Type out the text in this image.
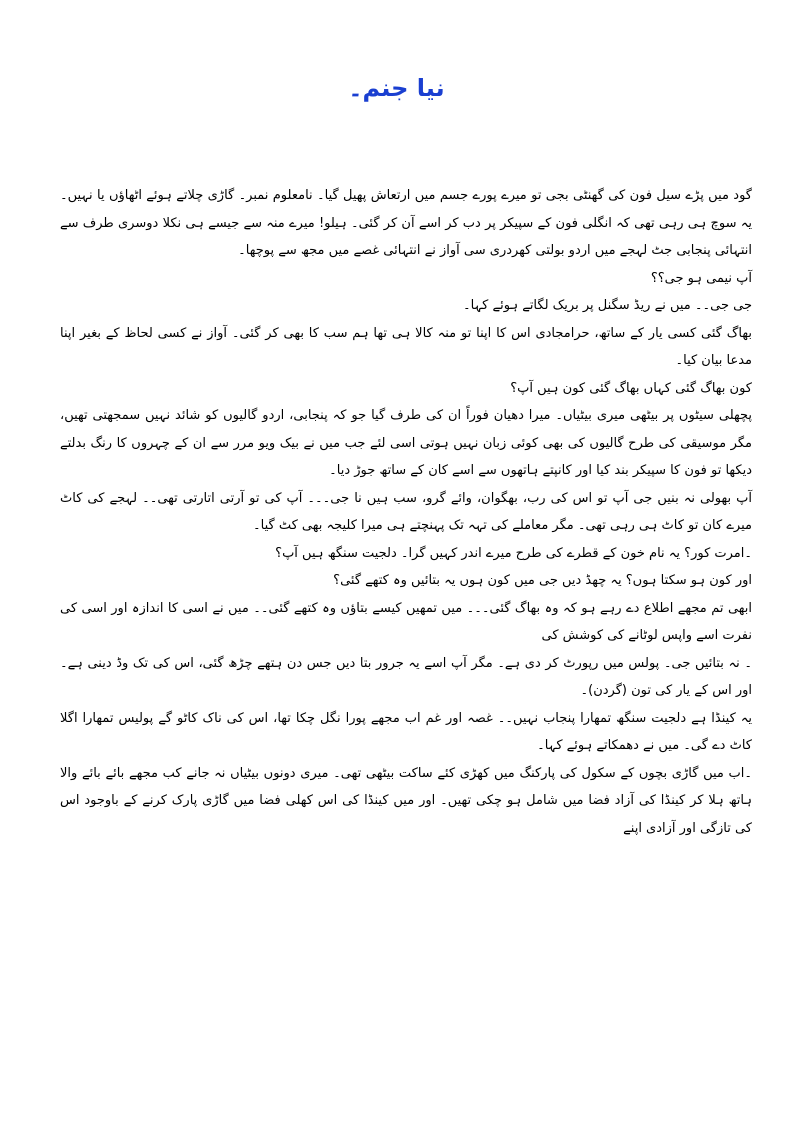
نیا جنم۔

گود میں پڑے سیل فون کی گھنٹی بجی تو میرے پورے جسم میں ارتعاش پھیل گیا۔ نامعلوم نمبر۔ گاڑی چلاتے ہوئے اٹھاؤں یا نہیں۔ یہ سوچ ہی رہی تھی کہ انگلی فون کے سپیکر پر دب کر اسے آن کر گئی۔ ہیلو! میرے منہ سے جیسے ہی نکلا دوسری طرف سے انتہائی پنجابی جٹ لہجے میں اردو بولتی کھردری سی آواز نے انتہائی غصے میں مجھ سے پوچھا۔

آپ نیمی ہو جی؟؟

جی جی۔۔ میں نے ریڈ سگنل پر بریک لگاتے ہوئے کہا۔

بھاگ گئی کسی یار کے ساتھ، حرامجادی اس کا اپنا تو منہ کالا ہی تھا ہم سب کا بھی کر گئی۔ آواز نے کسی لحاظ کے بغیر اپنا مدعا بیان کیا۔

کون بھاگ گئی کہاں بھاگ گئی کون ہیں آپ؟

پچھلی سیٹوں پر بیٹھی میری بیٹیاں۔ میرا دھیان فوراً ان کی طرف گیا جو کہ پنجابی، اردو گالیوں کو شائد نہیں سمجھتی تھیں، مگر موسیقی کی طرح گالیوں کی بھی کوئی زبان نہیں ہوتی اسی لئے جب میں نے بیک ویو مرر سے ان کے چہروں کا رنگ بدلتے دیکھا تو فون کا سپیکر بند کیا اور کانپتے ہاتھوں سے اسے کان کے ساتھ جوڑ دیا۔

آپ بھولی نہ بنیں جی آپ تو اس کی رب، بھگوان، وائے گرو، سب ہیں نا جی۔۔۔ آپ کی تو آرتی اتارتی تھی۔۔ لہجے کی کاٹ میرے کان تو کاٹ ہی رہی تھی۔ مگر معاملے کی تہہ تک پہنچتے ہی میرا کلیجہ بھی کٹ گیا۔

۔امرت کور؟ یہ نام خون کے قطرے کی طرح میرے اندر کہیں گرا۔ دلجیت سنگھ ہیں آپ؟

اور کون ہو سکتا ہوں؟ یہ چھڈ دیں جی میں کون ہوں یہ بتائیں وہ کتھے گئی؟

ابھی تم مجھے اطلاع دے رہے ہو کہ وہ بھاگ گئی۔۔۔ میں تمھیں کیسے بتاؤں وہ کتھے گئی۔۔ میں نے اسی کا اندازہ اور اسی کی نفرت اسے واپس لوٹانے کی کوشش کی

۔ نہ بتائیں جی۔ پولس میں رپورٹ کر دی ہے۔ مگر آپ اسے یہ جرور بتا دیں جس دن ہتھے چڑھ گئی، اس کی تک وڈ دینی ہے۔ اور اس کے یار کی تون (گردن)۔

یہ کینڈا ہے دلجیت سنگھ تمھارا پنجاب نہیں۔۔ غصہ اور غم اب مجھے پورا نگل چکا تھا، اس کی ناک کاٹو گے پولیس تمھارا اگلا کاٹ دے گی۔ میں نے دھمکاتے ہوئے کہا۔

۔اب میں گاڑی بچوں کے سکول کی پارکنگ میں کھڑی کئے ساکت بیٹھی تھی۔ میری دونوں بیٹیاں نہ جانے کب مجھے بائے بائے والا ہاتھ ہلا کر کینڈا کی آزاد فضا میں شامل ہو چکی تھیں۔ اور میں کینڈا کی اس کھلی فضا میں گاڑی پارک کرنے کے باوجود اس کی تازگی اور آزادی اپنے
